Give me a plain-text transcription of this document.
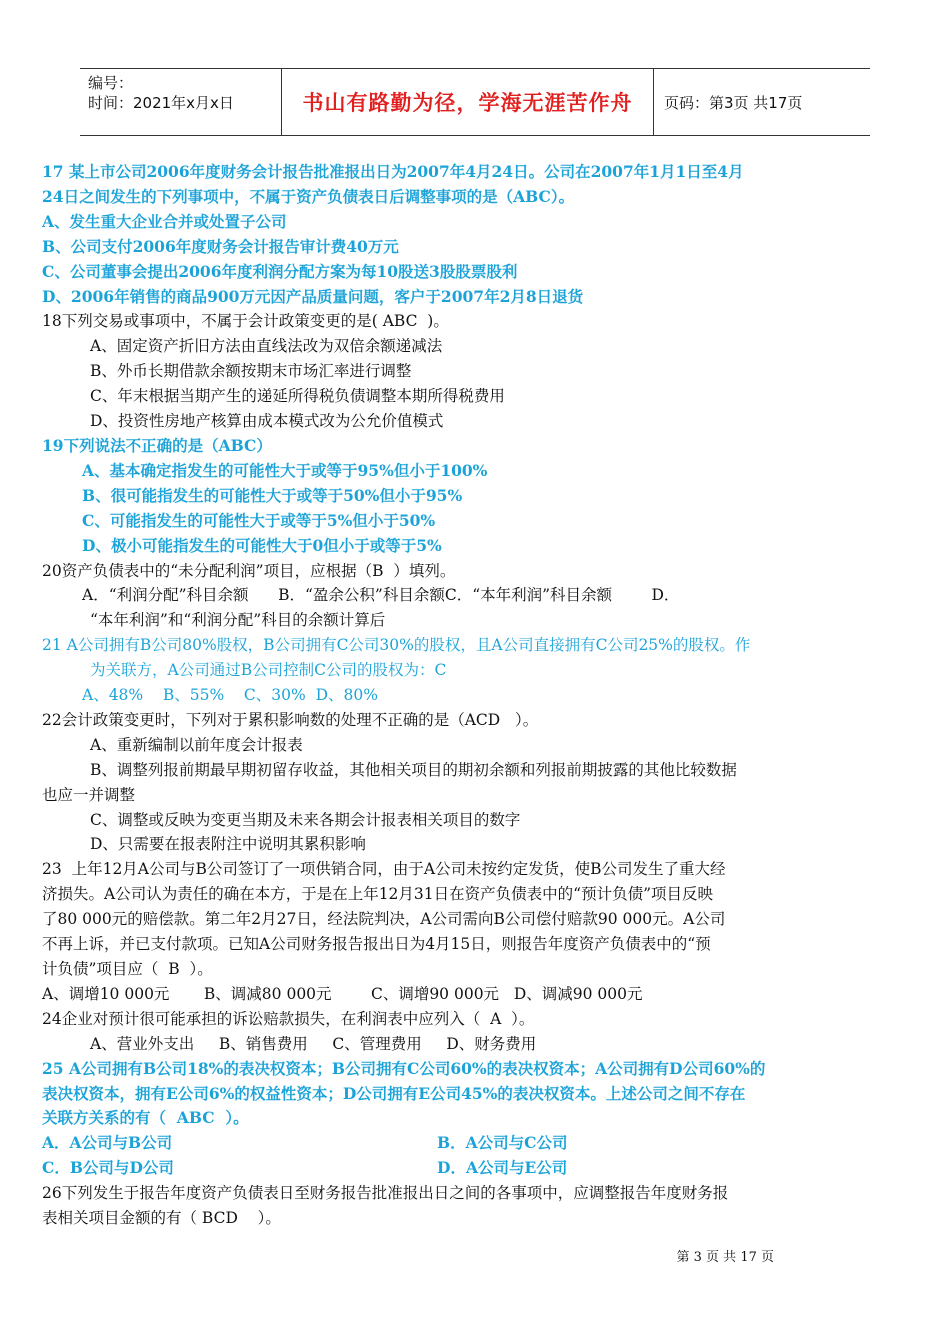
编号：
时间：2021年x月x日	书山有路勤为径，学海无涯苦作舟	页码：第3页 共17页

17 某上市公司2006年度财务会计报告批准报出日为2007年4月24日。公司在2007年1月1日至4月

24日之间发生的下列事项中，不属于资产负债表日后调整事项的是（ABC）。

A、发生重大企业合并或处置子公司

B、公司支付2006年度财务会计报告审计费40万元

C、公司董事会提出2006年度利润分配方案为每10股送3股股票股利

D、2006年销售的商品900万元因产品质量问题，客户于2007年2月8日退货

18下列交易或事项中，不属于会计政策变更的是( ABC  )。

A、固定资产折旧方法由直线法改为双倍余额递减法

B、外币长期借款余额按期末市场汇率进行调整

C、年末根据当期产生的递延所得税负债调整本期所得税费用

D、投资性房地产核算由成本模式改为公允价值模式

19下列说法不正确的是（ABC）

A、基本确定指发生的可能性大于或等于95%但小于100%

B、很可能指发生的可能性大于或等于50%但小于95%

C、可能指发生的可能性大于或等于5%但小于50%

D、极小可能指发生的可能性大于0但小于或等于5%

20资产负债表中的“未分配利润”项目，应根据（B  ）填列。

A．“利润分配”科目余额      B．“盈余公积”科目余额C．“本年利润”科目余额        D．

“本年利润”和“利润分配”科目的余额计算后

21 A公司拥有B公司80%股权，B公司拥有C公司30%的股权，且A公司直接拥有C公司25%的股权。作

为关联方，A公司通过B公司控制C公司的股权为：C

A、48%    B、55%    C、30%  D、80%

22会计政策变更时，下列对于累积影响数的处理不正确的是（ACD   ）。

A、重新编制以前年度会计报表

B、调整列报前期最早期初留存收益，其他相关项目的期初余额和列报前期披露的其他比较数据

也应一并调整

C、调整或反映为变更当期及未来各期会计报表相关项目的数字

D、只需要在报表附注中说明其累积影响

23  上年12月A公司与B公司签订了一项供销合同，由于A公司未按约定发货，使B公司发生了重大经

济损失。A公司认为责任的确在本方，于是在上年12月31日在资产负债表中的“预计负债”项目反映

了80 000元的赔偿款。第二年2月27日，经法院判决，A公司需向B公司偿付赔款90 000元。A公司

不再上诉，并已支付款项。已知A公司财务报告报出日为4月15日，则报告年度资产负债表中的“预

计负债”项目应（  B  ）。

A、调增10 000元       B、调减80 000元        C、调增90 000元   D、调减90 000元

24企业对预计很可能承担的诉讼赔款损失，在利润表中应列入（  A  ）。

A、营业外支出     B、销售费用     C、管理费用     D、财务费用

25 A公司拥有B公司18%的表决权资本；B公司拥有C公司60%的表决权资本；A公司拥有D公司60%的

表决权资本，拥有E公司6%的权益性资本；D公司拥有E公司45%的表决权资本。上述公司之间不存在

关联方关系的有（  ABC  ）。

A．A公司与B公司	B．A公司与C公司

C．B公司与D公司	D．A公司与E公司

26下列发生于报告年度资产负债表日至财务报告批准报出日之间的各事项中，应调整报告年度财务报

表相关项目金额的有（ BCD    ）。

第 3 页 共 17 页
